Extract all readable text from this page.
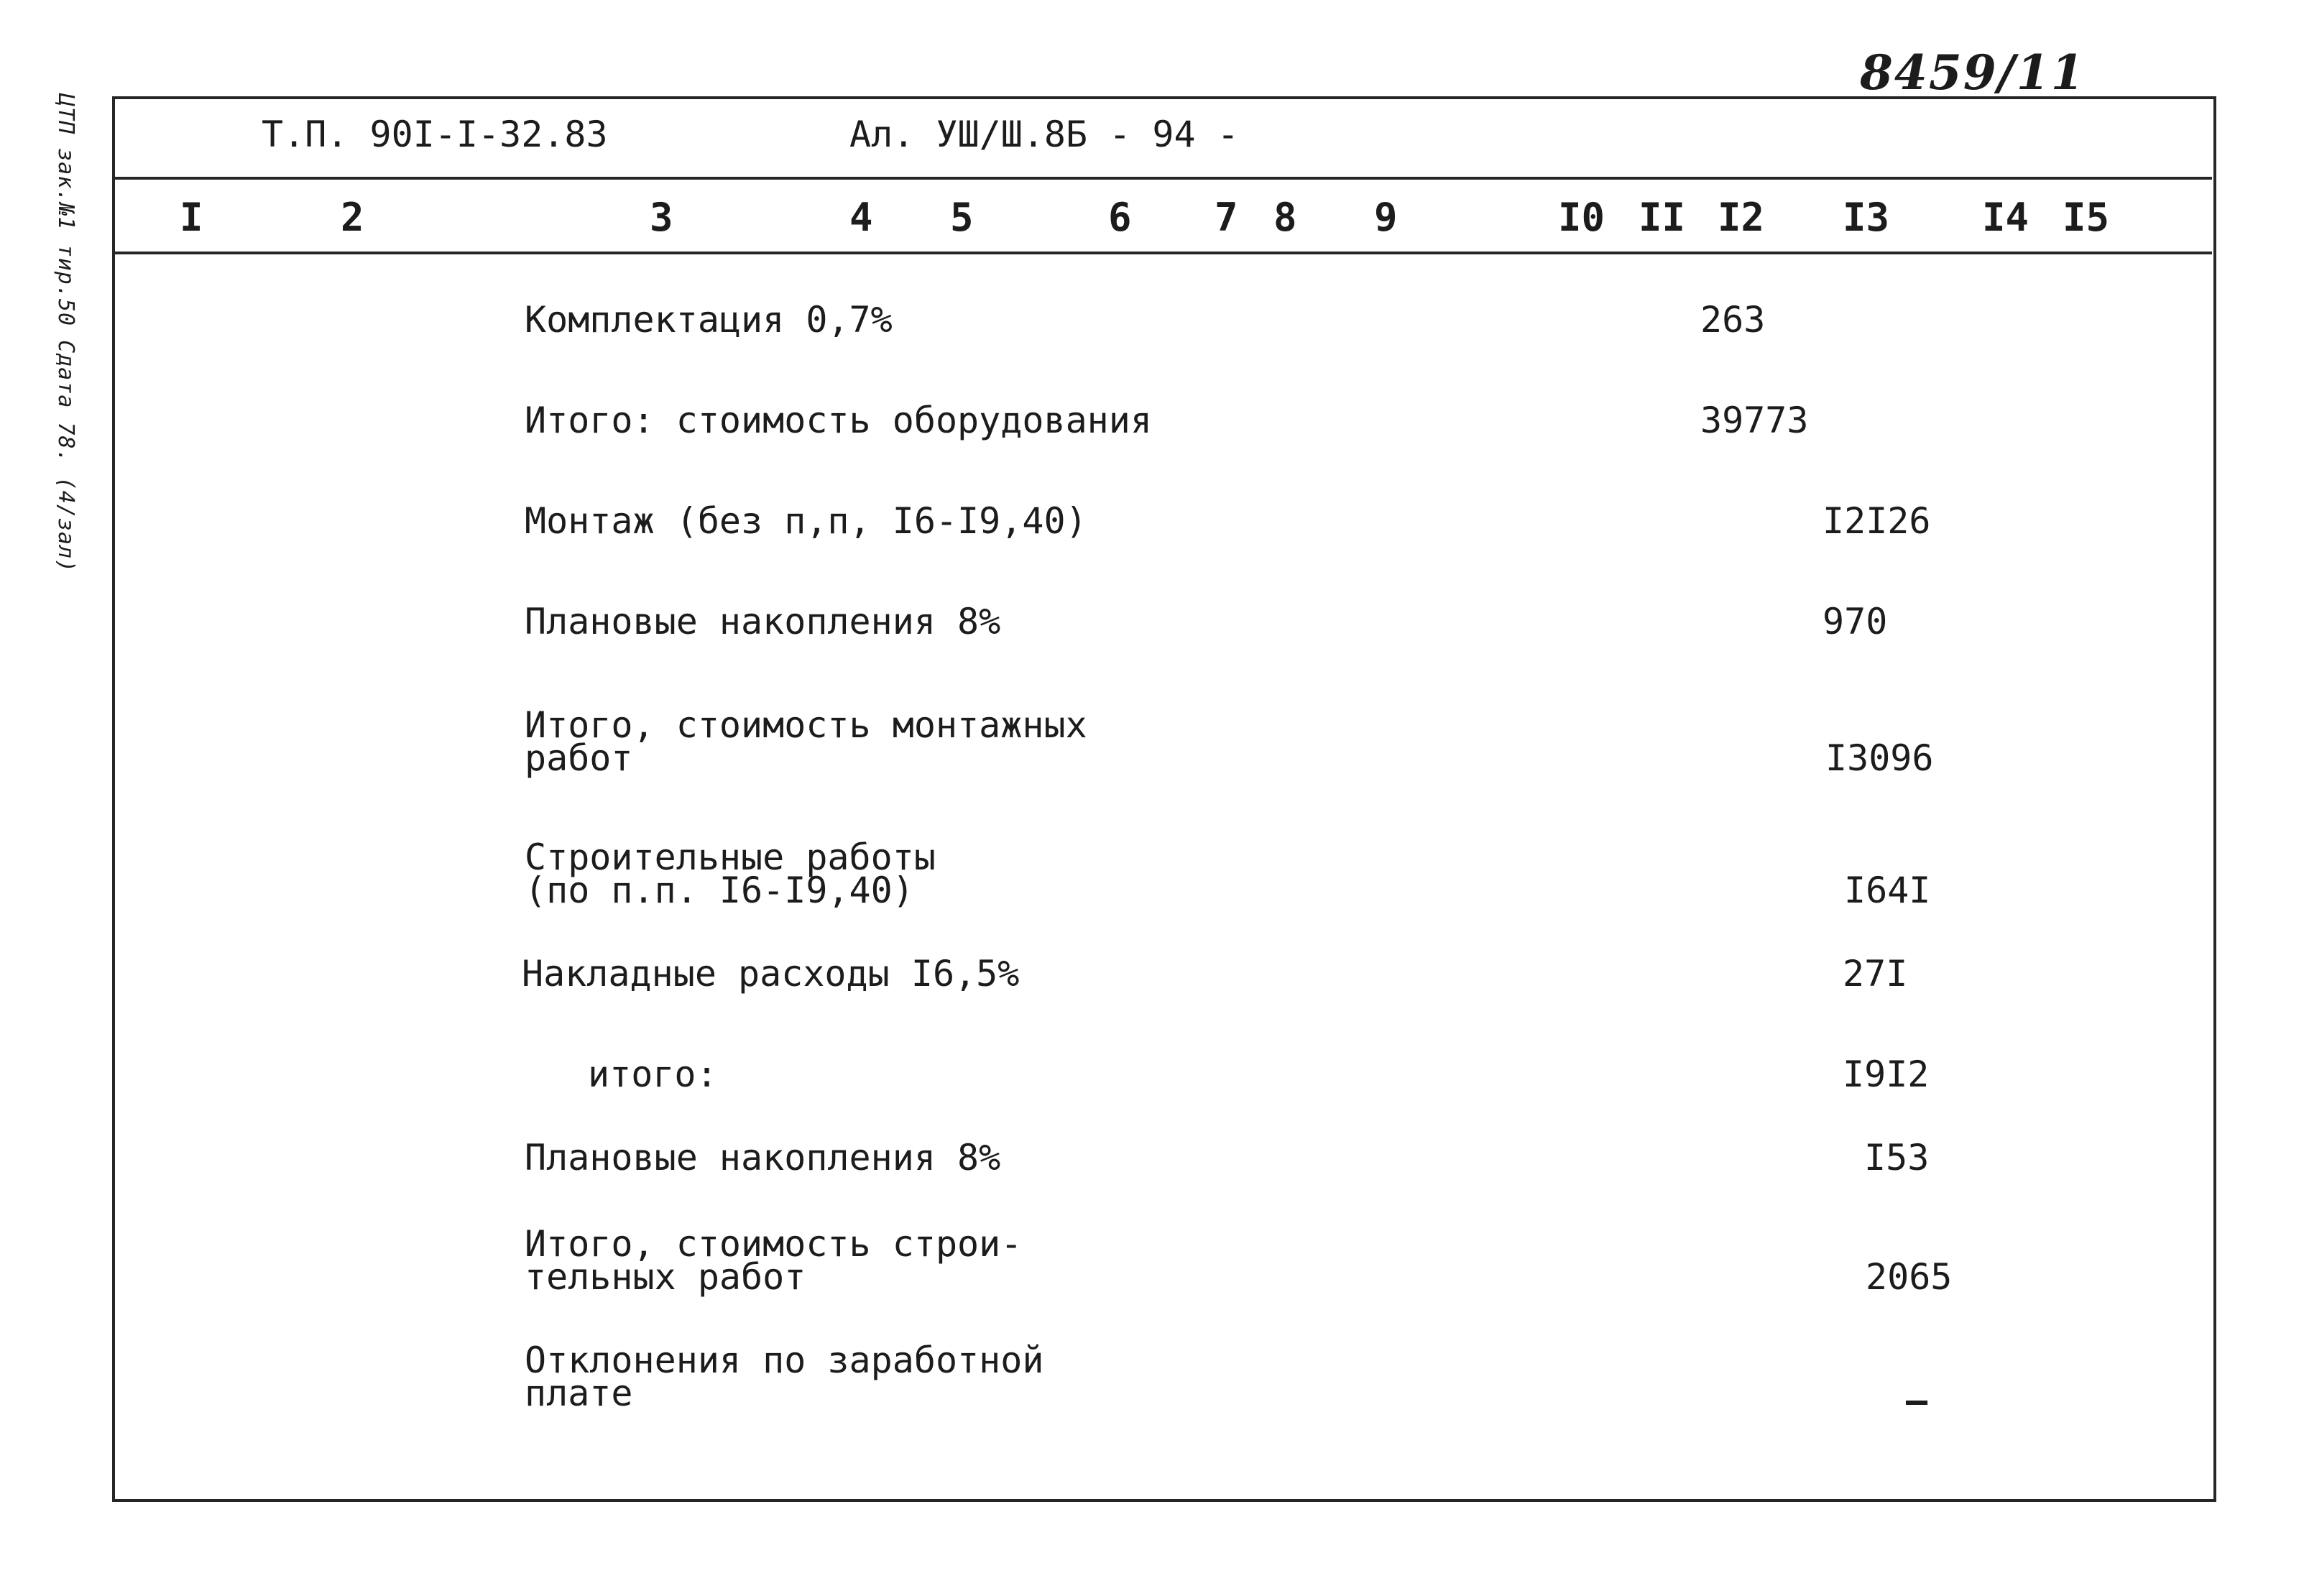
ЦТП зак.№1 тир.50 Сдата 78. (4/зал)
8459/11
Т.П. 90I-I-32.83	Ал. УШ/Ш.8Б - 94 -
I	2	3	4 5	6 7 8 9	I0 II I2 I3 I4 I5
Комплектация 0,7%	263
Итого: стоимость оборудования	39773
Монтаж (без п,п, I6-I9,40)	I2I26
Плановые накопления 8%	970
Итого, стоимость монтажных
работ	I3096
Строительные работы
(по п.п. I6-I9,40)	I64I
Накладные расходы I6,5%	27I
итого:	I9I2
Плановые накопления 8%	I53
Итого, стоимость строи-
тельных работ	2065
Отклонения по заработной
плате	–
